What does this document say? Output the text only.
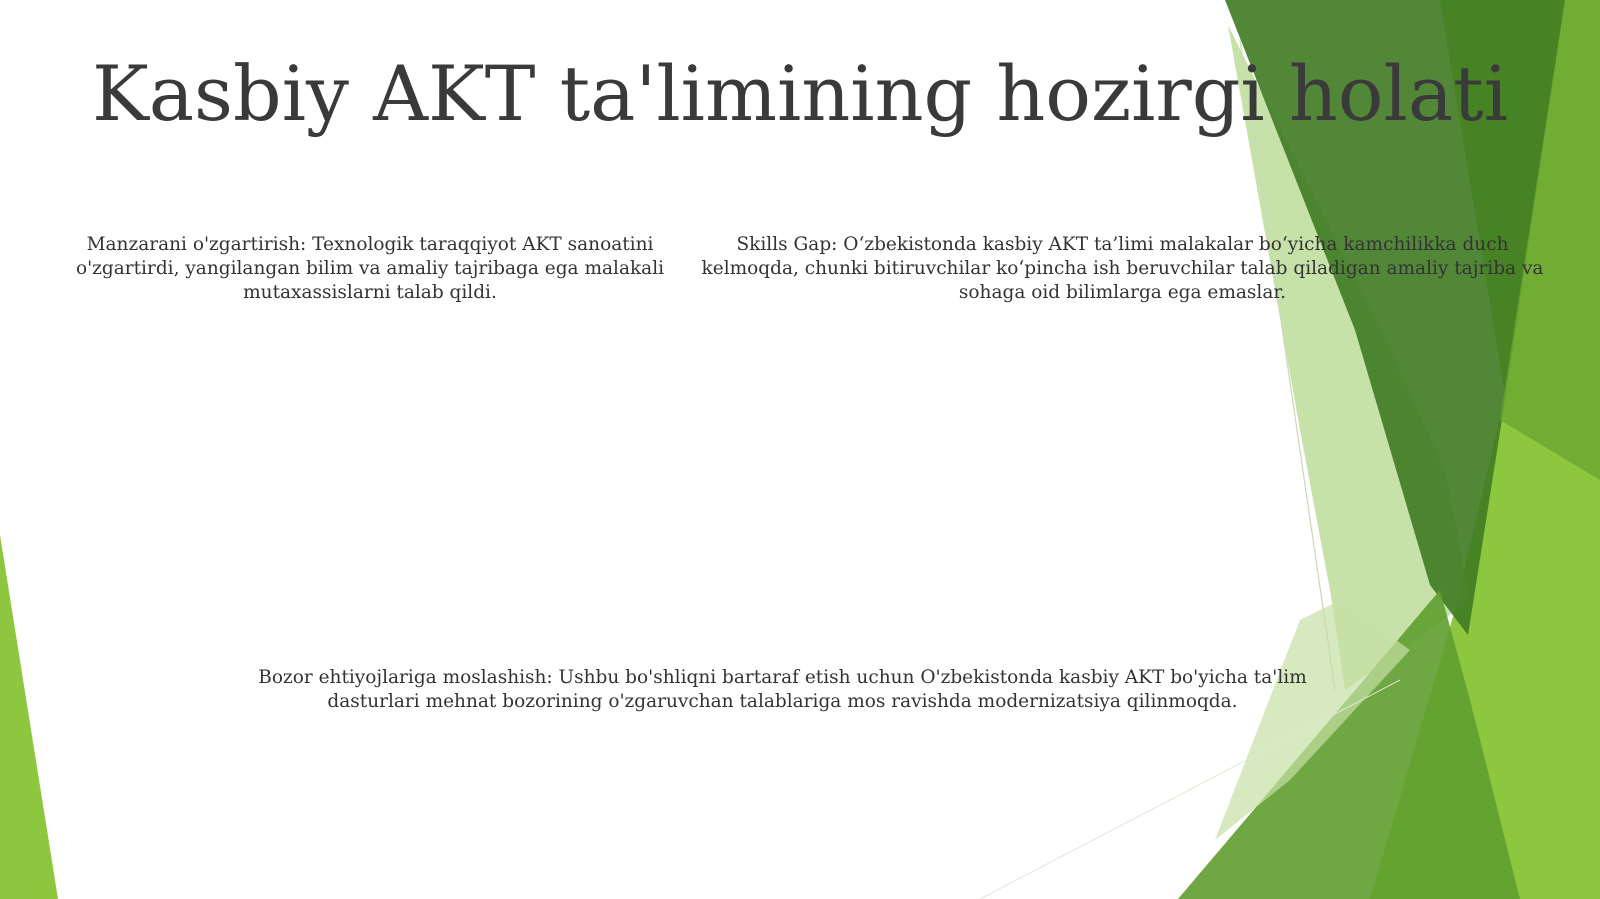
Kasbiy AKT ta'limining hozirgi holati

Manzarani o'zgartirish: Texnologik taraqqiyot AKT sanoatini o'zgartirdi, yangilangan bilim va amaliy tajribaga ega malakali mutaxassislarni talab qildi.

Skills Gap: O‘zbekistonda kasbiy AKT ta’limi malakalar bo‘yicha kamchilikka duch kelmoqda, chunki bitiruvchilar ko‘pincha ish beruvchilar talab qiladigan amaliy tajriba va sohaga oid bilimlarga ega emaslar.

Bozor ehtiyojlariga moslashish: Ushbu bo'shliqni bartaraf etish uchun O'zbekistonda kasbiy AKT bo'yicha ta'lim dasturlari mehnat bozorining o'zgaruvchan talablariga mos ravishda modernizatsiya qilinmoqda.
